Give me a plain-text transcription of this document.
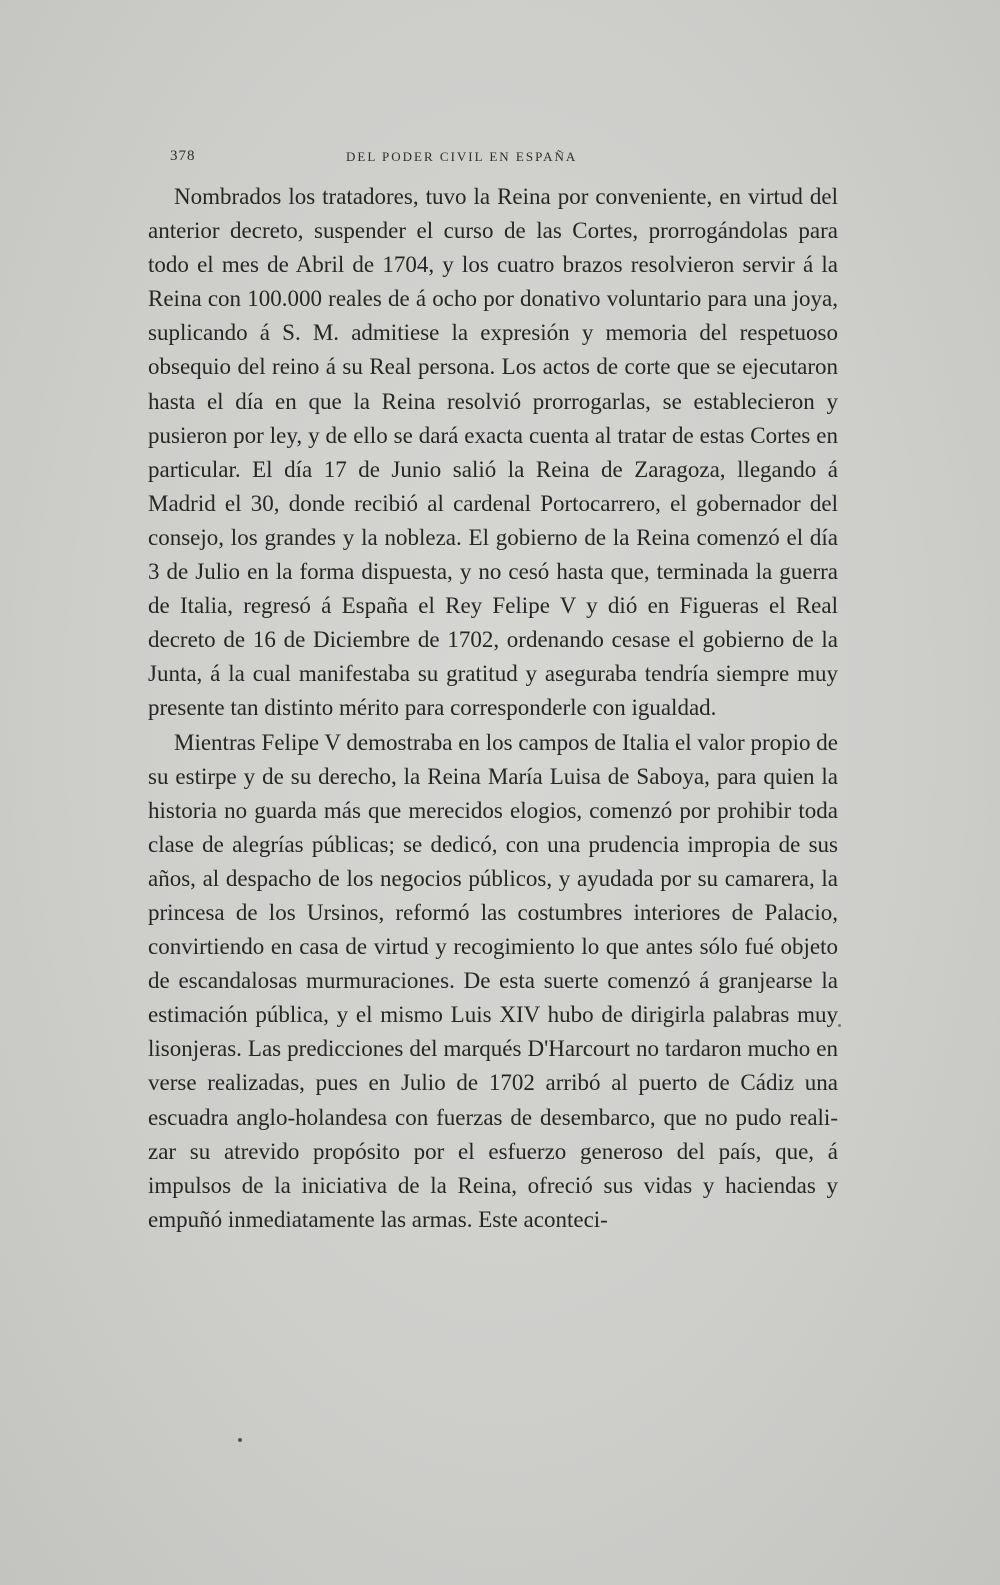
378	DEL PODER CIVIL EN ESPAÑA

Nombrados los tratadores, tuvo la Reina por conveniente, en virtud del anterior decreto, suspender el curso de las Cortes, prorrogándolas para todo el mes de Abril de 1704, y los cuatro brazos resolvieron servir á la Reina con 100.000 reales de á ocho por donativo voluntario para una joya, suplicando á S. M. admitiese la expresión y memoria del respetuoso obsequio del reino á su Real persona. Los actos de corte que se ejecutaron hasta el día en que la Reina resolvió prorrogarlas, se establecieron y pusieron por ley, y de ello se dará exacta cuenta al tratar de estas Cortes en particular. El día 17 de Junio salió la Reina de Zaragoza, llegando á Madrid el 30, donde recibió al cardenal Portocarrero, el gobernador del consejo, los grandes y la nobleza. El gobierno de la Reina comenzó el día 3 de Julio en la forma dispuesta, y no cesó hasta que, terminada la guerra de Italia, regresó á España el Rey Felipe V y dió en Figueras el Real decreto de 16 de Diciembre de 1702, ordenando cesase el gobierno de la Junta, á la cual manifestaba su gratitud y aseguraba tendría siempre muy presente tan distinto mérito para corresponderle con igualdad.

Mientras Felipe V demostraba en los campos de Italia el valor propio de su estirpe y de su derecho, la Reina María Luisa de Saboya, para quien la historia no guarda más que merecidos elogios, comenzó por prohibir toda clase de alegrías públicas; se dedicó, con una prudencia impropia de sus años, al despacho de los negocios públicos, y ayudada por su camarera, la princesa de los Ursinos, reformó las costumbres interiores de Palacio, convirtiendo en casa de virtud y recogimiento lo que antes sólo fué objeto de escandalosas murmuraciones. De esta suerte comenzó á granjearse la estimación pública, y el mismo Luis XIV hubo de dirigirla palabras muy lisonjeras. Las predicciones del marqués D'Harcourt no tardaron mucho en verse realizadas, pues en Julio de 1702 arribó al puerto de Cádiz una escuadra anglo-holandesa con fuerzas de desembarco, que no pudo realizar su atrevido propósito por el esfuerzo generoso del país, que, á impulsos de la iniciativa de la Reina, ofreció sus vidas y haciendas y empuñó inmediatamente las armas. Este aconteci-
